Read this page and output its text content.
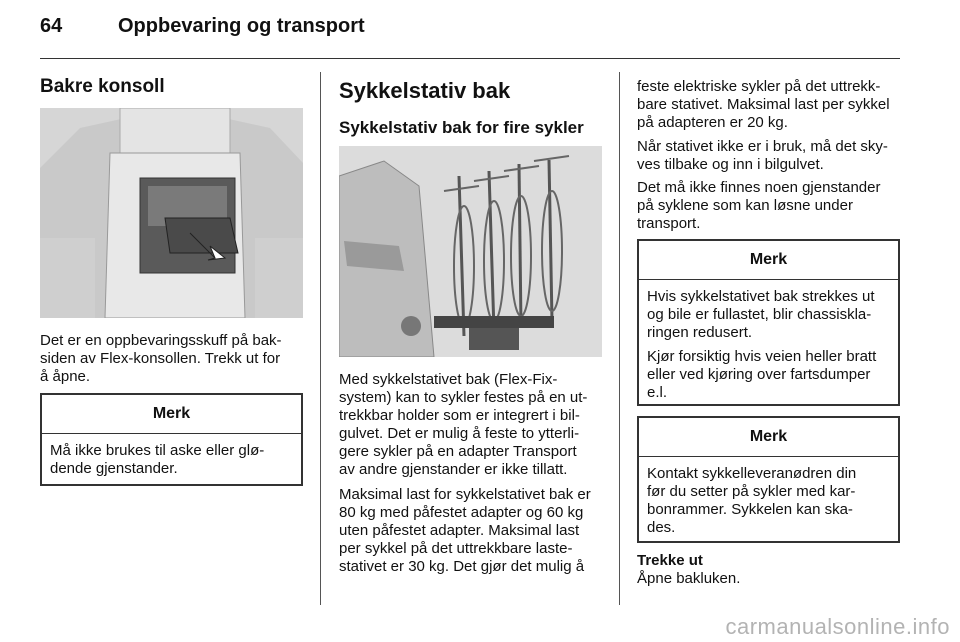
64	Oppbevaring og transport
Bakre konsoll

Det er en oppbevaringsskuff på bak-

siden av Flex-konsollen. Trekk ut for

å åpne.

Merk
Må ikke brukes til aske eller glø-
dende gjenstander.
Sykkelstativ bak
Sykkelstativ bak for fire sykler

Med sykkelstativet bak (Flex-Fix-

system) kan to sykler festes på en ut-

trekkbar holder som er integrert i bil-

gulvet. Det er mulig å feste to ytterli-

gere sykler på en adapter Transport

av andre gjenstander er ikke tillatt.

Maksimal last for sykkelstativet bak er

80 kg med påfestet adapter og 60 kg

uten påfestet adapter. Maksimal last

per sykkel på det uttrekkbare laste-

stativet er 30 kg. Det gjør det mulig å

feste elektriske sykler på det uttrekk-

bare stativet. Maksimal last per sykkel

på adapteren er 20 kg.

Når stativet ikke er i bruk, må det sky-

ves tilbake og inn i bilgulvet.

Det må ikke finnes noen gjenstander

på syklene som kan løsne under

transport.

Merk

Hvis sykkelstativet bak strekkes ut
og bile er fullastet, blir chassiskla-
ringen redusert.

Kjør forsiktig hvis veien heller bratt
eller ved kjøring over fartsdumper
e.l.

Merk
Kontakt sykkelleveranødren din
før du setter på sykler med kar-
bonrammer. Sykkelen kan ska-
des.
Trekke ut

Åpne bakluken.

carmanualsonline.info
